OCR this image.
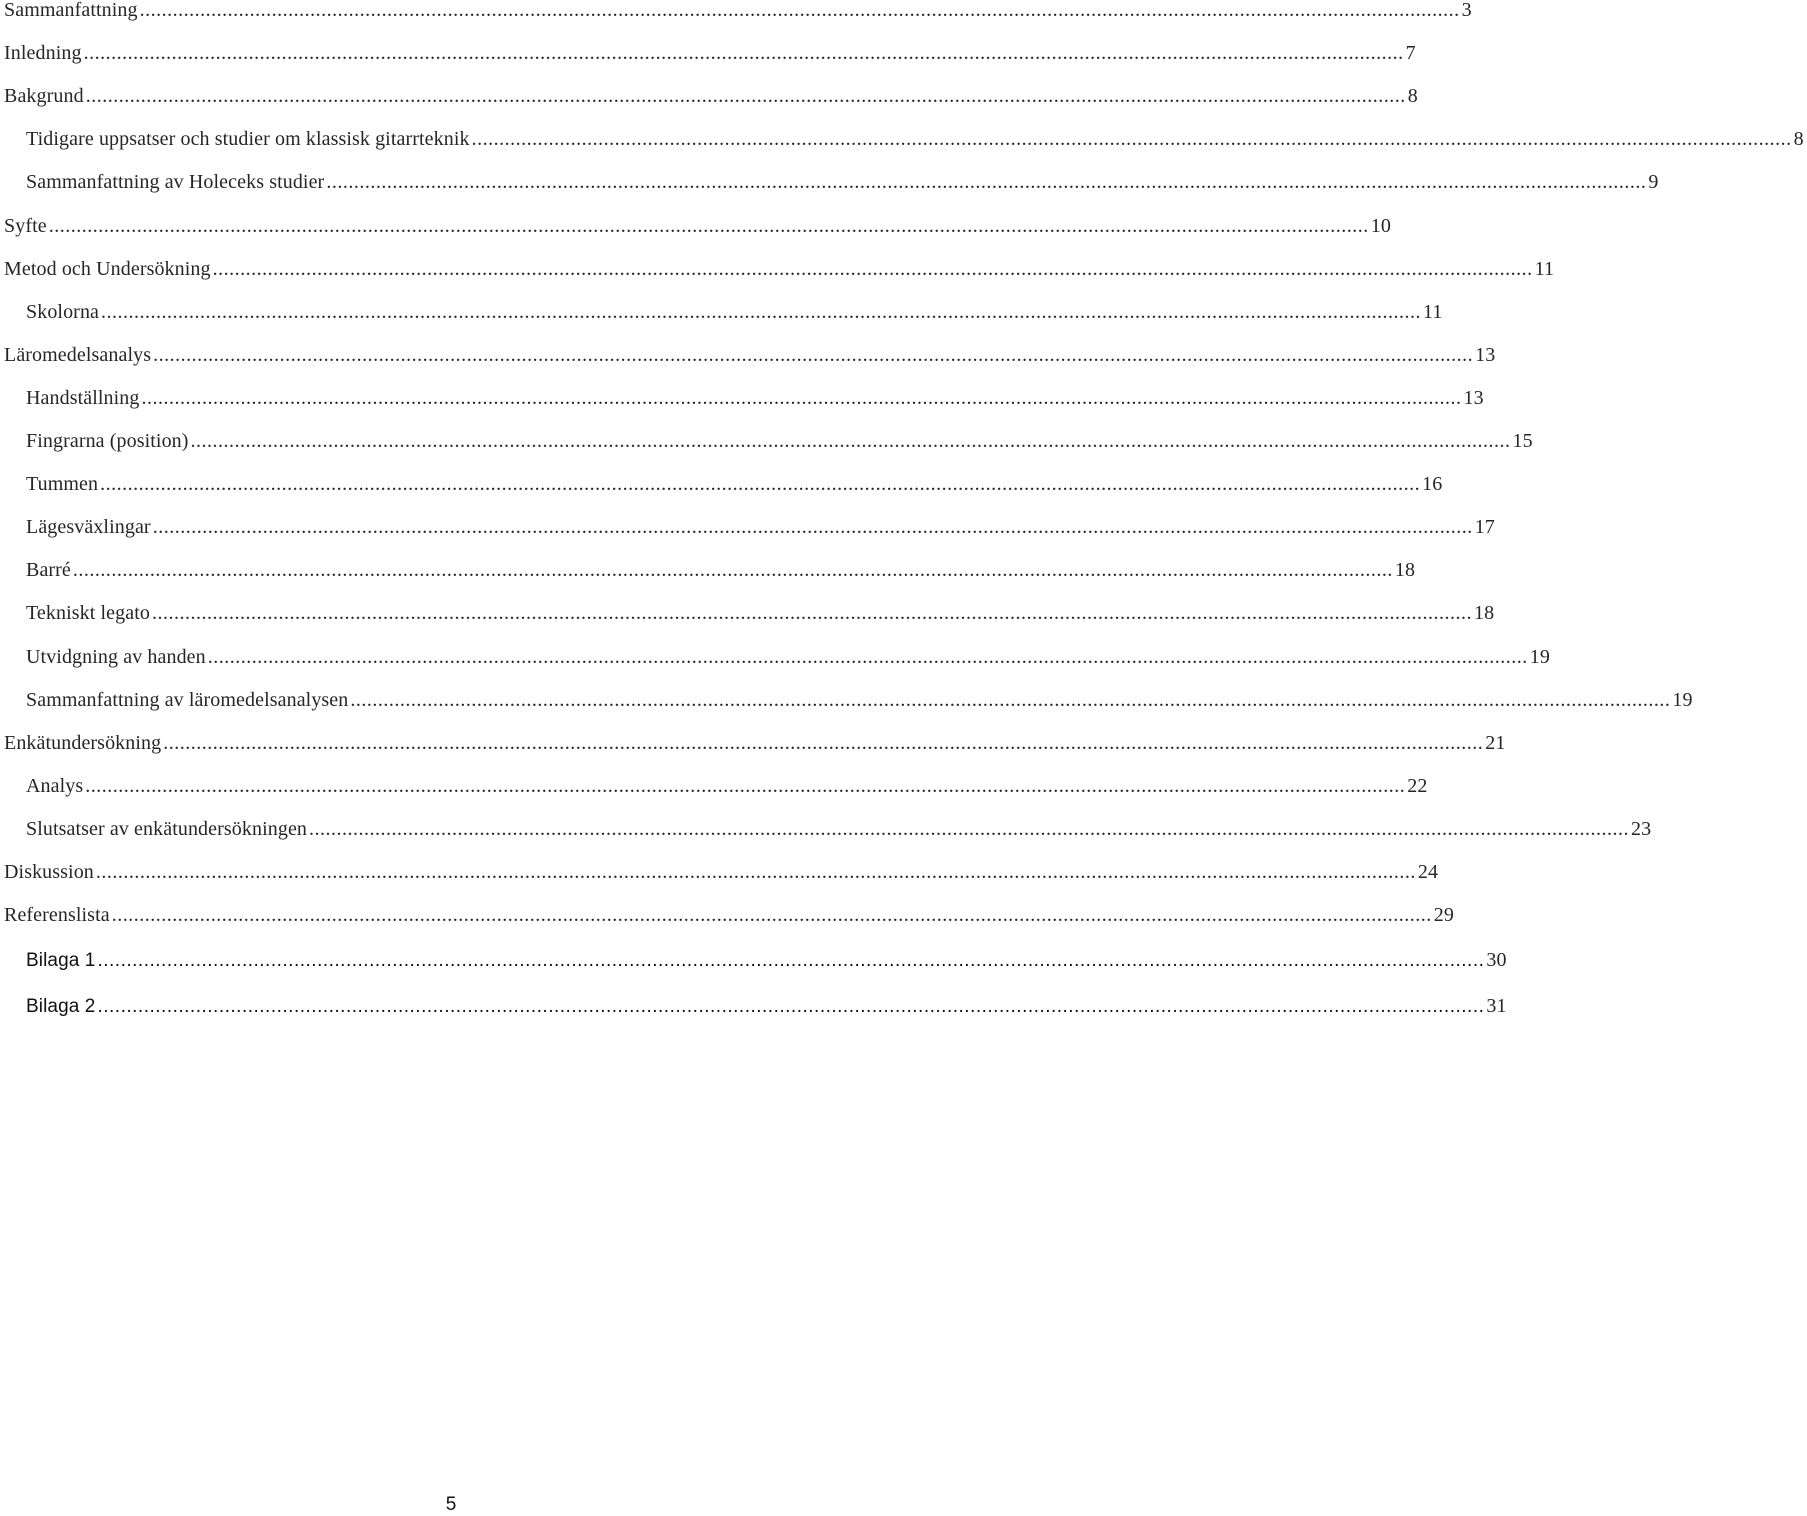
Sammanfattning .....	3
Inledning .....	7
Bakgrund .....	8
Tidigare uppsatser och studier om klassisk gitarrteknik .....	8
Sammanfattning av Holeceks studier .....	9
Syfte .....	10
Metod och Undersökning .....	11
Skolorna .....	11
Läromedelsanalys .....	13
Handställning .....	13
Fingrarna (position) .....	15
Tummen .....	16
Lägesväxlingar .....	17
Barré .....	18
Tekniskt legato .....	18
Utvidgning av handen .....	19
Sammanfattning av läromedelsanalysen .....	19
Enkätundersökning .....	21
Analys .....	22
Slutsatser av enkätundersökningen .....	23
Diskussion .....	24
Referenslista .....	29
Bilaga 1 .....	30
Bilaga 2 .....	31
5
